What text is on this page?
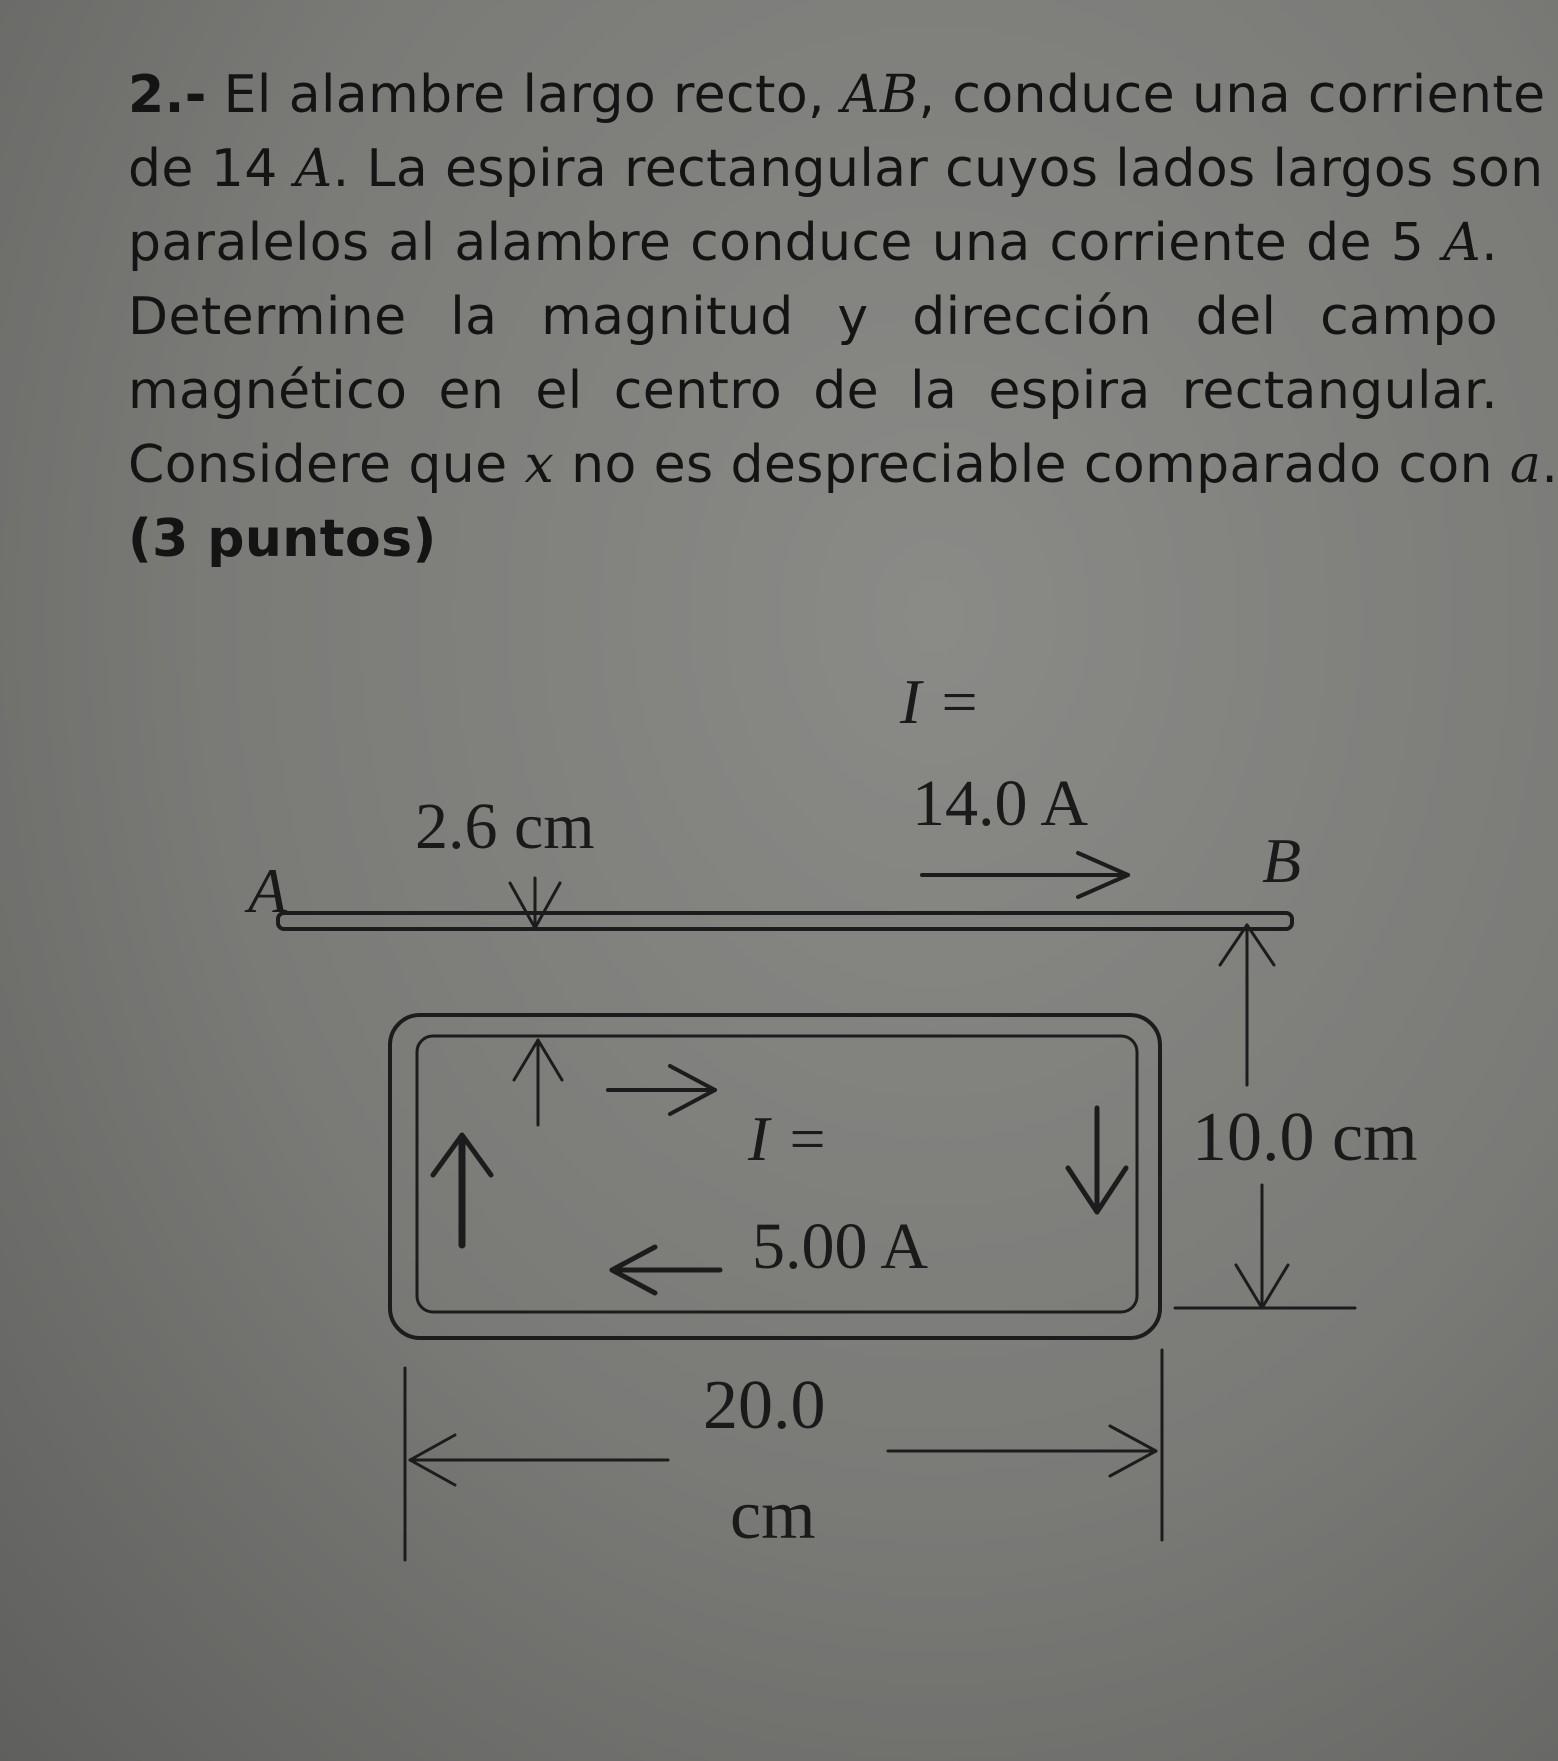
2.- El alambre largo recto, AB, conduce una corriente
de 14 A. La espira rectangular cuyos lados largos son
paralelos al alambre conduce una corriente de 5 A.
Determine la magnitud y dirección del campo
magnético en el centro de la espira rectangular.
Considere que x no es despreciable comparado con a.
(3 puntos)
A	B
I =
14.0 A
2.6 cm
I =
5.00 A
10.0 cm
20.0
cm
